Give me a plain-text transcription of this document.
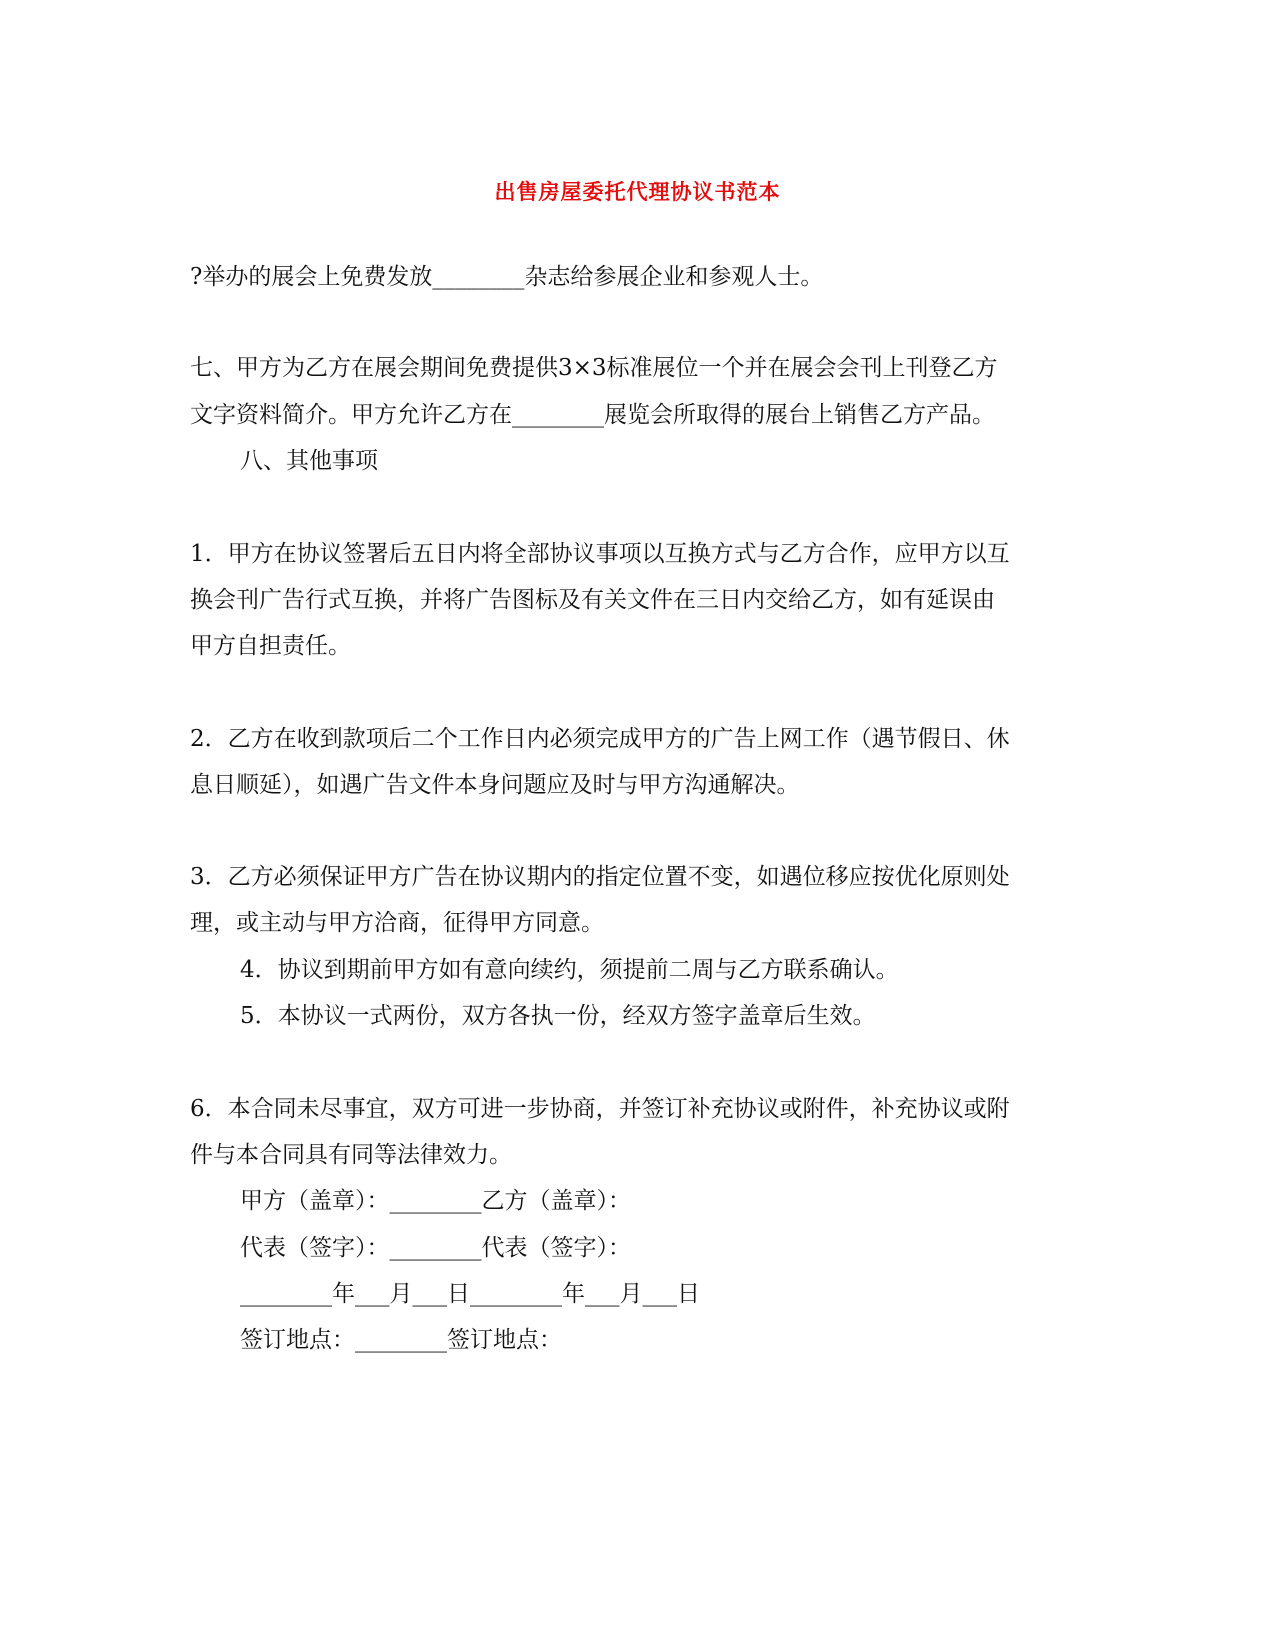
出售房屋委托代理协议书范本
?举办的展会上免费发放________杂志给参展企业和参观人士。
七、甲方为乙方在展会期间免费提供3×3标准展位一个并在展会会刊上刊登乙方
文字资料简介。甲方允许乙方在________展览会所取得的展台上销售乙方产品。
八、其他事项
1．甲方在协议签署后五日内将全部协议事项以互换方式与乙方合作，应甲方以互
换会刊广告行式互换，并将广告图标及有关文件在三日内交给乙方，如有延误由
甲方自担责任。
2．乙方在收到款项后二个工作日内必须完成甲方的广告上网工作（遇节假日、休
息日顺延），如遇广告文件本身问题应及时与甲方沟通解决。
3．乙方必须保证甲方广告在协议期内的指定位置不变，如遇位移应按优化原则处
理，或主动与甲方洽商，征得甲方同意。
4．协议到期前甲方如有意向续约，须提前二周与乙方联系确认。
5．本协议一式两份，双方各执一份，经双方签字盖章后生效。
6．本合同未尽事宜，双方可进一步协商，并签订补充协议或附件，补充协议或附
件与本合同具有同等法律效力。
甲方（盖章）：________乙方（盖章）：
代表（签字）：________代表（签字）：
________年___月___日________年___月___日
签订地点：________签订地点：
